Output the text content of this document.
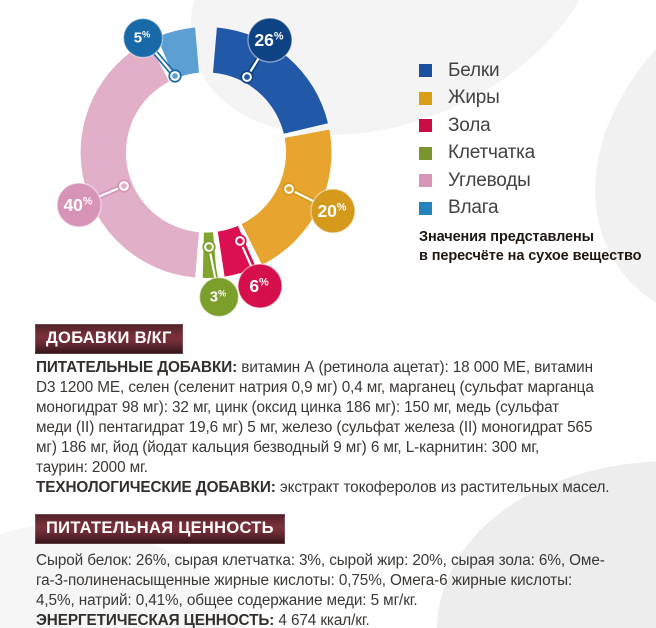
26%
20%
6%
3%
40%
5%
Белки
Жиры
Зола
Клетчатка
Углеводы
Влага
Значения представлены
в пересчёте на сухое вещество
ДОБАВКИ В/КГ
ПИТАТЕЛЬНЫЕ ДОБАВКИ: витамин А (ретинола ацетат): 18 000 МЕ, витамин
D3 1200 МЕ, селен (селенит натрия 0,9 мг) 0,4 мг, марганец (сульфат марганца
моногидрат 98 мг): 32 мг, цинк (оксид цинка 186 мг): 150 мг, медь (сульфат
меди (II) пентагидрат 19,6 мг) 5 мг, железо (сульфат железа (II) моногидрат 565
мг) 186 мг, йод (йодат кальция безводный 9 мг) 6 мг, L-карнитин: 300 мг,
таурин: 2000 мг.
ТЕХНОЛОГИЧЕСКИЕ ДОБАВКИ: экстракт токоферолов из растительных масел.
ПИТАТЕЛЬНАЯ ЦЕННОСТЬ
Сырой белок: 26%, сырая клетчатка: 3%, сырой жир: 20%, сырая зола: 6%, Оме-
га-3-полиненасыщенные жирные кислоты: 0,75%, Омега-6 жирные кислоты:
4,5%, натрий: 0,41%, общее содержание меди: 5 мг/кг.
ЭНЕРГЕТИЧЕСКАЯ ЦЕННОСТЬ: 4 674 ккал/кг.
